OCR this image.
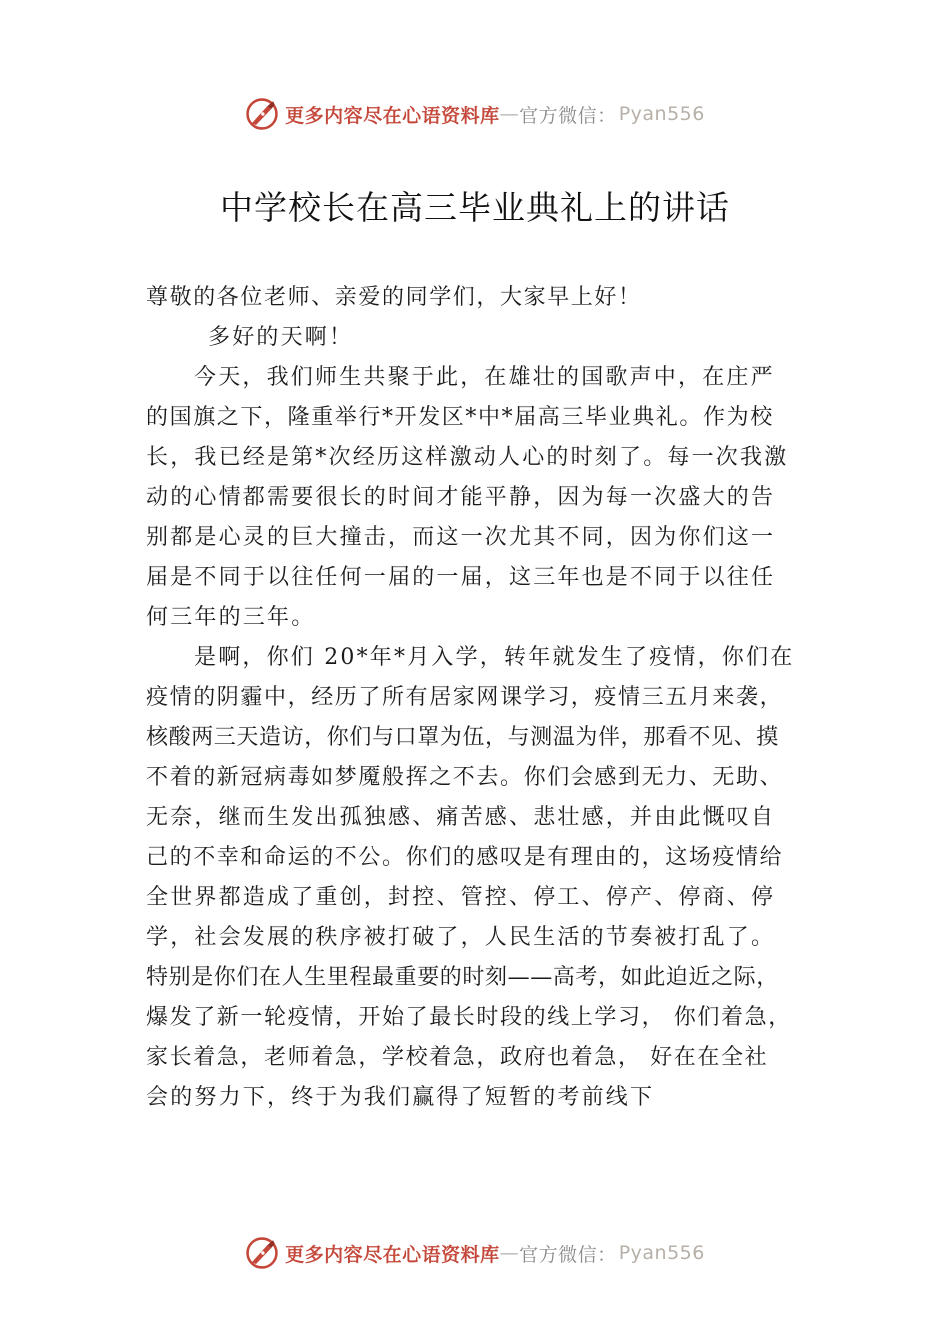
更多内容尽在心语资料库 — 官方微信 ： Pyan556
中学校长在高三毕业典礼上的讲话
尊敬的各位老师、亲爱的同学们，大家早上好！
多好的天啊！
今天，我们师生共聚于此，在雄壮的国歌声中，在庄严
的国旗之下，隆重举行*开发区*中*届高三毕业典礼。作为校
长，我已经是第*次经历这样激动人心的时刻了。每一次我激
动的心情都需要很长的时间才能平静，因为每一次盛大的告
别都是心灵的巨大撞击，而这一次尤其不同，因为你们这一
届是不同于以往任何一届的一届，这三年也是不同于以往任
何三年的三年。
是啊，你们 20*年*月入学，转年就发生了疫情，你们在
疫情的阴霾中，经历了所有居家网课学习，疫情三五月来袭，
核酸两三天造访，你们与口罩为伍，与测温为伴，那看不见、摸
不着的新冠病毒如梦魇般挥之不去。你们会感到无力、无助、
无奈，继而生发出孤独感、痛苦感、悲壮感，并由此慨叹自
己的不幸和命运的不公。你们的感叹是有理由的，这场疫情给
全世界都造成了重创，封控、管控、停工、停产、停商、停
学，社会发展的秩序被打破了，人民生活的节奏被打乱了。
特别是你们在人生里程最重要的时刻——高考，如此迫近之际，
爆发了新一轮疫情，开始了最长时段的线上学习， 你们着急，
家长着急，老师着急，学校着急，政府也着急， 好在在全社
会的努力下，终于为我们赢得了短暂的考前线下
更多内容尽在心语资料库 — 官方微信 ： Pyan556
